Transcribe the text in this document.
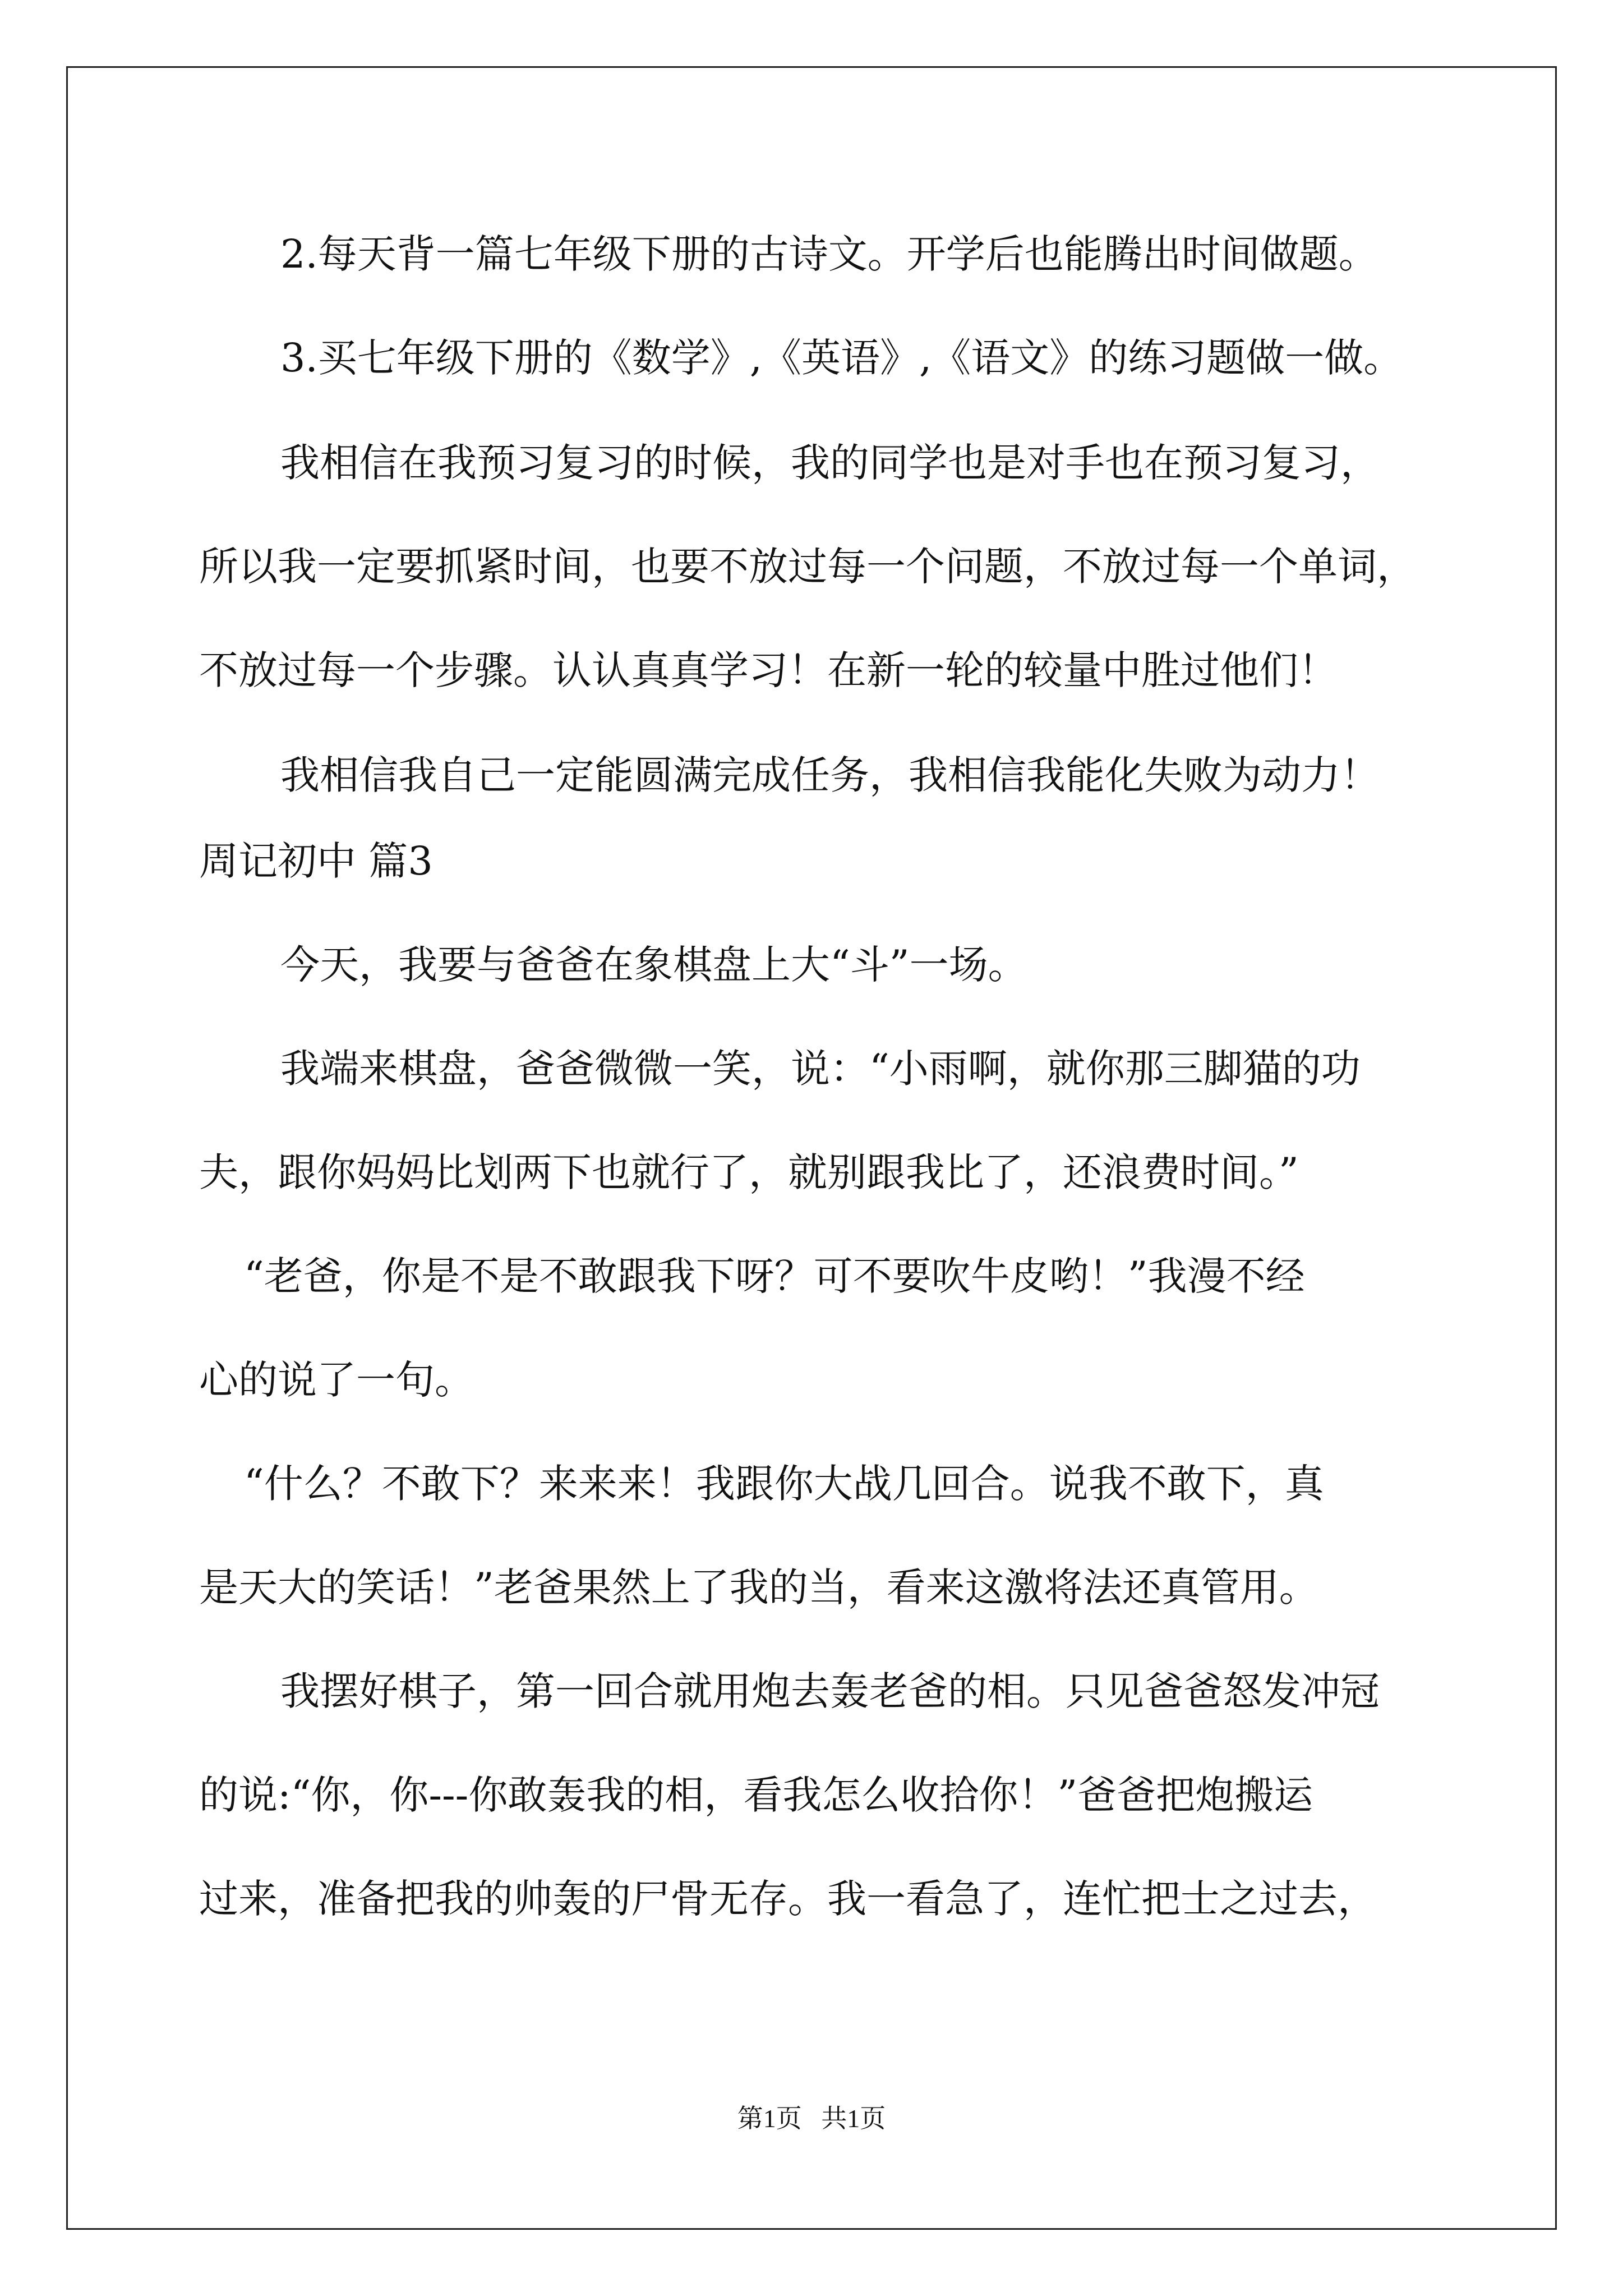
2.每天背一篇七年级下册的古诗文。开学后也能腾出时间做题。
3.买七年级下册的《数学》,《英语》,《语文》的练习题做一做。
我相信在我预习复习的时候，我的同学也是对手也在预习复习，
所以我一定要抓紧时间，也要不放过每一个问题，不放过每一个单词，
不放过每一个步骤。认认真真学习！在新一轮的较量中胜过他们！
我相信我自己一定能圆满完成任务，我相信我能化失败为动力！
周记初中 篇3
今天，我要与爸爸在象棋盘上大“斗”一场。
我端来棋盘，爸爸微微一笑，说：“小雨啊，就你那三脚猫的功
夫，跟你妈妈比划两下也就行了，就别跟我比了，还浪费时间。”
“老爸，你是不是不敢跟我下呀？可不要吹牛皮哟！”我漫不经
心的说了一句。
“什么？不敢下？来来来！我跟你大战几回合。说我不敢下，真
是天大的笑话！”老爸果然上了我的当，看来这激将法还真管用。
我摆好棋子，第一回合就用炮去轰老爸的相。只见爸爸怒发冲冠
的说:“你，你---你敢轰我的相，看我怎么收拾你！”爸爸把炮搬运
过来，准备把我的帅轰的尸骨无存。我一看急了，连忙把士之过去，
第1页   共1页
